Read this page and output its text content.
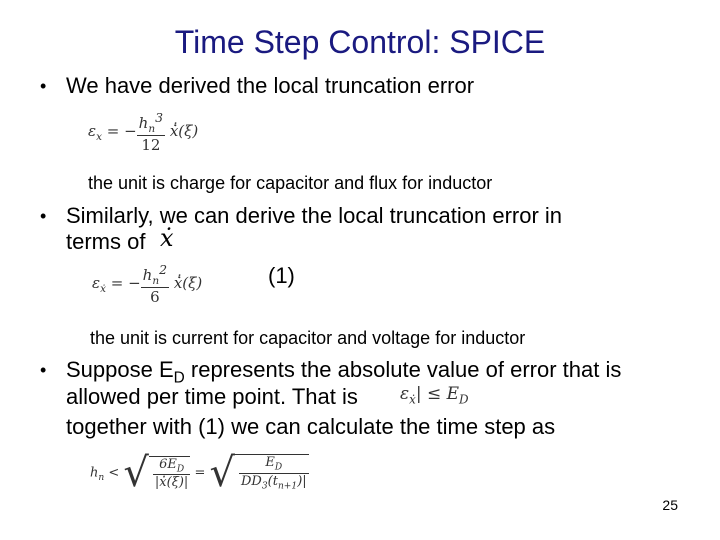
Time Step Control: SPICE
• We have derived the local truncation error
$\varepsilon_x$ = − $\frac{h_n^3}{12}$ ẋ̇̇(ξ)
the unit is charge for capacitor and flux for inductor
• Similarly, we can derive the local truncation error in
terms of ẋ
$\varepsilon_ẋ$ = − $\frac{h_n^2}{6}$ ẋ̇̇(ξ)	(1)
the unit is current for capacitor and voltage for inductor
• Suppose $E_D$ represents the absolute value of error that is
allowed per time point. That is $\varepsilon_ẋ| \le E_D$
together with (1) we can calculate the time step as
$h_n$ < √ $\frac{6E_D}{|ẋ̇̇(\xi)|}$ = √ $\frac{E_D}{DD_3(t_{n+1})|}$
25
